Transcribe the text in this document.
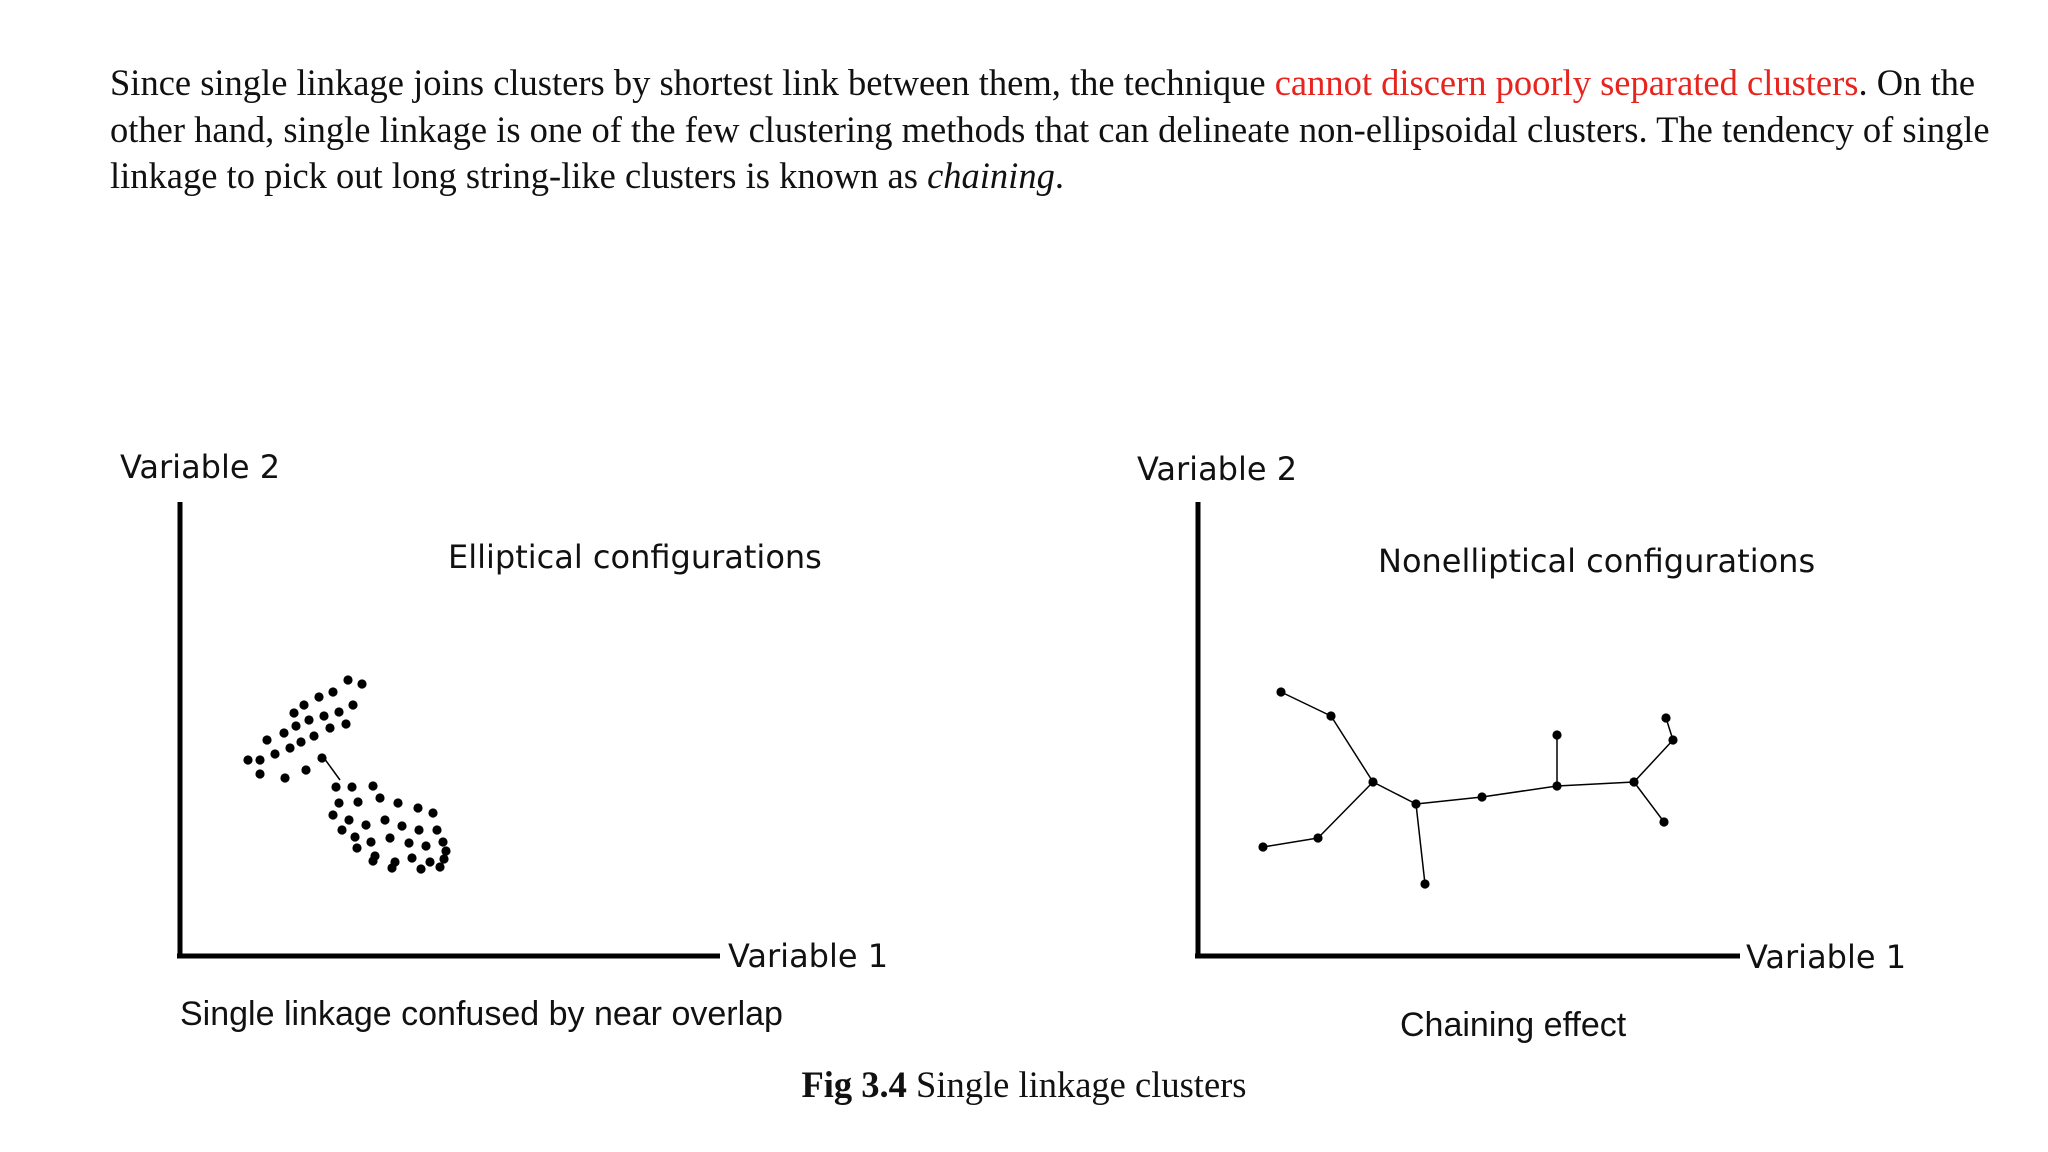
Since single linkage joins clusters by shortest link between them, the technique cannot discern poorly separated clusters. On the other hand, single linkage is one of the few clustering methods that can delineate non-ellipsoidal clusters. The tendency of single linkage to pick out long string-like clusters is known as chaining.

Variable 2
Variable 1
Elliptical configurations
Single linkage confused by near overlap
Variable 2
Variable 1
Nonelliptical configurations
Chaining effect
Fig 3.4 Single linkage clusters
